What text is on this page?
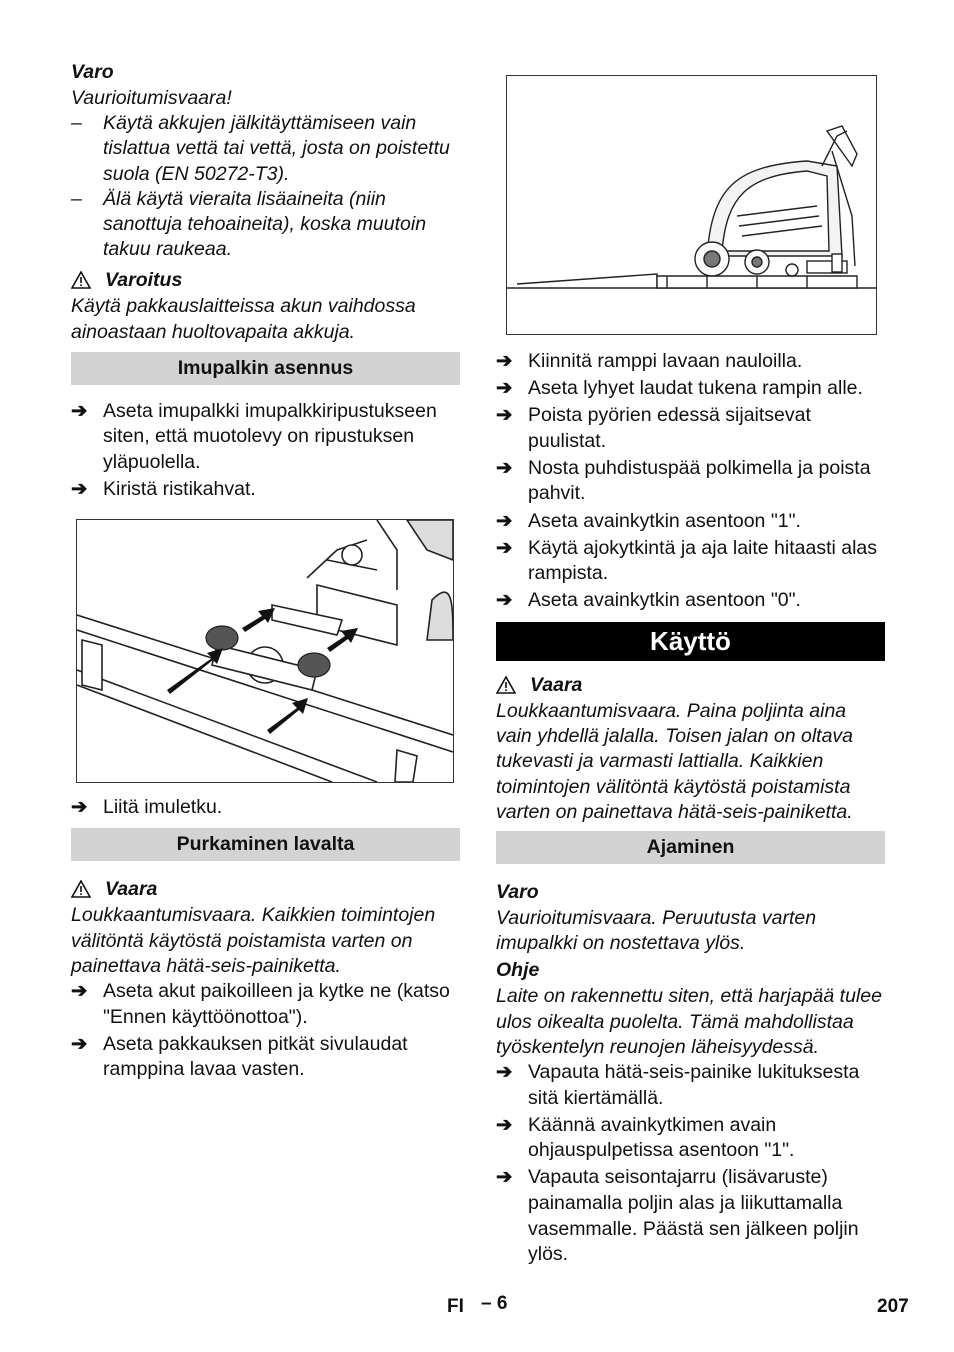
Varo
Vaurioitumisvaara!
–	Käytä akkujen jälkitäyttämiseen vain tislattua vettä tai vettä, josta on poistettu suola (EN 50272-T3).
–	Älä käytä vieraita lisäaineita (niin sanottuja tehoaineita), koska muutoin takuu raukeaa.
Varoitus
Käytä pakkauslaitteissa akun vaihdossa ainoastaan huoltovapaita akkuja.
Imupalkin asennus
➔ Aseta imupalkki imupalkkiripustukseen siten, että muotolevy on ripustuksen yläpuolella.
➔ Kiristä ristikahvat.
➔ Liitä imuletku.
Purkaminen lavalta
Vaara
Loukkaantumisvaara. Kaikkien toimintojen välitöntä käytöstä poistamista varten on painettava hätä-seis-painiketta.
➔ Aseta akut paikoilleen ja kytke ne (katso "Ennen käyttöönottoa").
➔ Aseta pakkauksen pitkät sivulaudat ramppina lavaa vasten.
➔ Kiinnitä ramppi lavaan nauloilla.
➔ Aseta lyhyet laudat tukena rampin alle.
➔ Poista pyörien edessä sijaitsevat puulistat.
➔ Nosta puhdistuspää polkimella ja poista pahvit.
➔ Aseta avainkytkin asentoon "1".
➔ Käytä ajokytkintä ja aja laite hitaasti alas rampista.
➔ Aseta avainkytkin asentoon "0".
Käyttö
Vaara
Loukkaantumisvaara. Paina poljinta aina vain yhdellä jalalla. Toisen jalan on oltava tukevasti ja varmasti lattialla. Kaikkien toimintojen välitöntä käytöstä poistamista varten on painettava hätä-seis-painiketta.
Ajaminen
Varo
Vaurioitumisvaara. Peruutusta varten imupalkki on nostettava ylös.
Ohje
Laite on rakennettu siten, että harjapää tulee ulos oikealta puolelta. Tämä mahdollistaa työskentelyn reunojen läheisyydessä.
➔ Vapauta hätä-seis-painike lukituksesta sitä kiertämällä.
➔ Käännä avainkytkimen avain ohjauspulpetissa asentoon "1".
➔ Vapauta seisontajarru (lisävaruste) painamalla poljin alas ja liikuttamalla vasemmalle. Päästä sen jälkeen poljin ylös.
FI – 6	207
